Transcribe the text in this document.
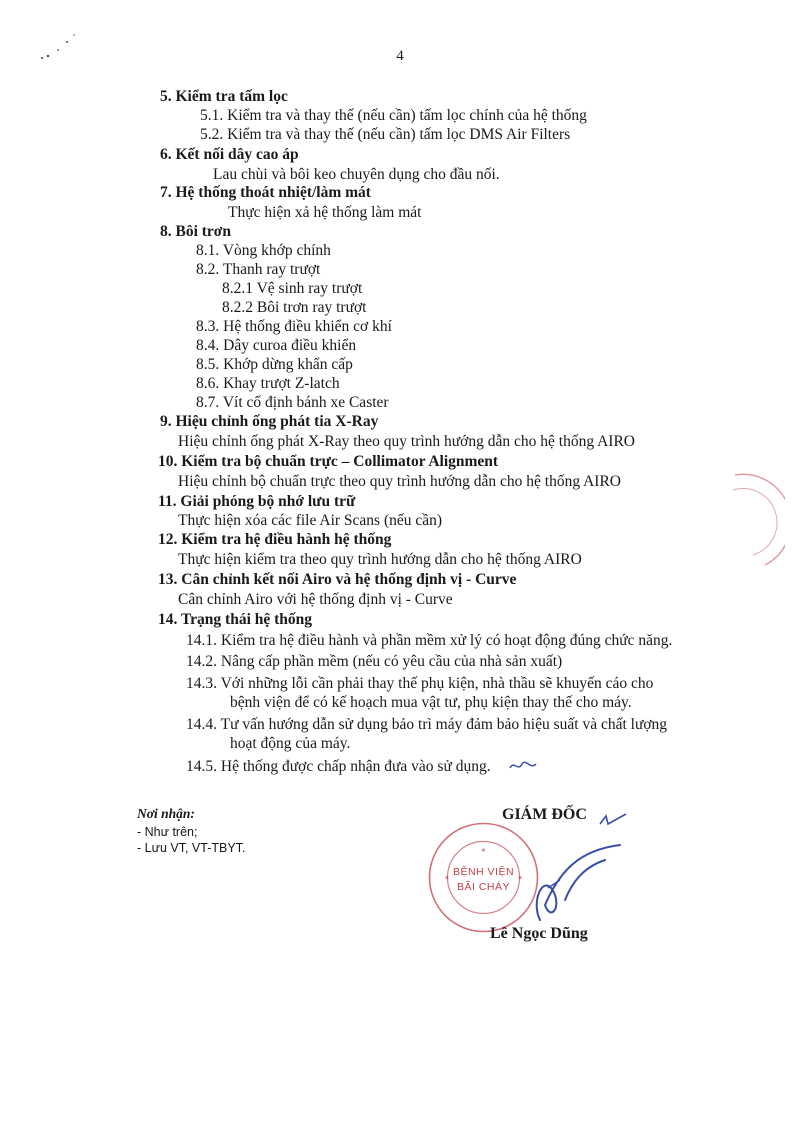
4
5. Kiểm tra tấm lọc
5.1. Kiểm tra và thay thế (nếu cần) tấm lọc chính của hệ thống
5.2. Kiểm tra và thay thế (nếu cần) tấm lọc DMS Air Filters
6. Kết nối dây cao áp
Lau chùi và bôi keo chuyên dụng cho đầu nối.
7. Hệ thống thoát nhiệt/làm mát
Thực hiện xả hệ thống làm mát
8. Bôi trơn
8.1. Vòng khớp chính
8.2. Thanh ray trượt
8.2.1 Vệ sinh ray trượt
8.2.2 Bôi trơn ray trượt
8.3. Hệ thống điều khiển cơ khí
8.4. Dây curoa điều khiển
8.5. Khớp dừng khẩn cấp
8.6. Khay trượt Z-latch
8.7. Vít cố định bánh xe Caster
9. Hiệu chỉnh ống phát tia X-Ray
Hiệu chỉnh ống phát X-Ray theo quy trình hướng dẫn cho hệ thống AIRO
10. Kiểm tra bộ chuẩn trực – Collimator Alignment
Hiệu chỉnh bộ chuẩn trực theo quy trình hướng dẫn cho hệ thống AIRO
11. Giải phóng bộ nhớ lưu trữ
Thực hiện xóa các file Air Scans (nếu cần)
12. Kiểm tra hệ điều hành hệ thống
Thực hiện kiểm tra theo quy trình hướng dẫn cho hệ thống AIRO
13. Cân chỉnh kết nối Airo và hệ thống định vị - Curve
Cân chỉnh Airo với hệ thống định vị - Curve
14. Trạng thái hệ thống
14.1. Kiểm tra hệ điều hành và phần mềm xử lý có hoạt động đúng chức năng.
14.2. Nâng cấp phần mềm (nếu có yêu cầu của nhà sản xuất)
14.3. Với những lỗi cần phải thay thế phụ kiện, nhà thầu sẽ khuyến cáo cho
bệnh viện để có kế hoạch mua vật tư, phụ kiện thay thế cho máy.
14.4. Tư vấn hướng dẫn sử dụng bảo trì máy đảm bảo hiệu suất và chất lượng
hoạt động của máy.
14.5. Hệ thống được chấp nhận đưa vào sử dụng.
Nơi nhận:
- Như trên;
- Lưu VT, VT-TBYT.
BỆNH VIỆN
BÃI CHÁY
GIÁM ĐỐC
Lê Ngọc Dũng
